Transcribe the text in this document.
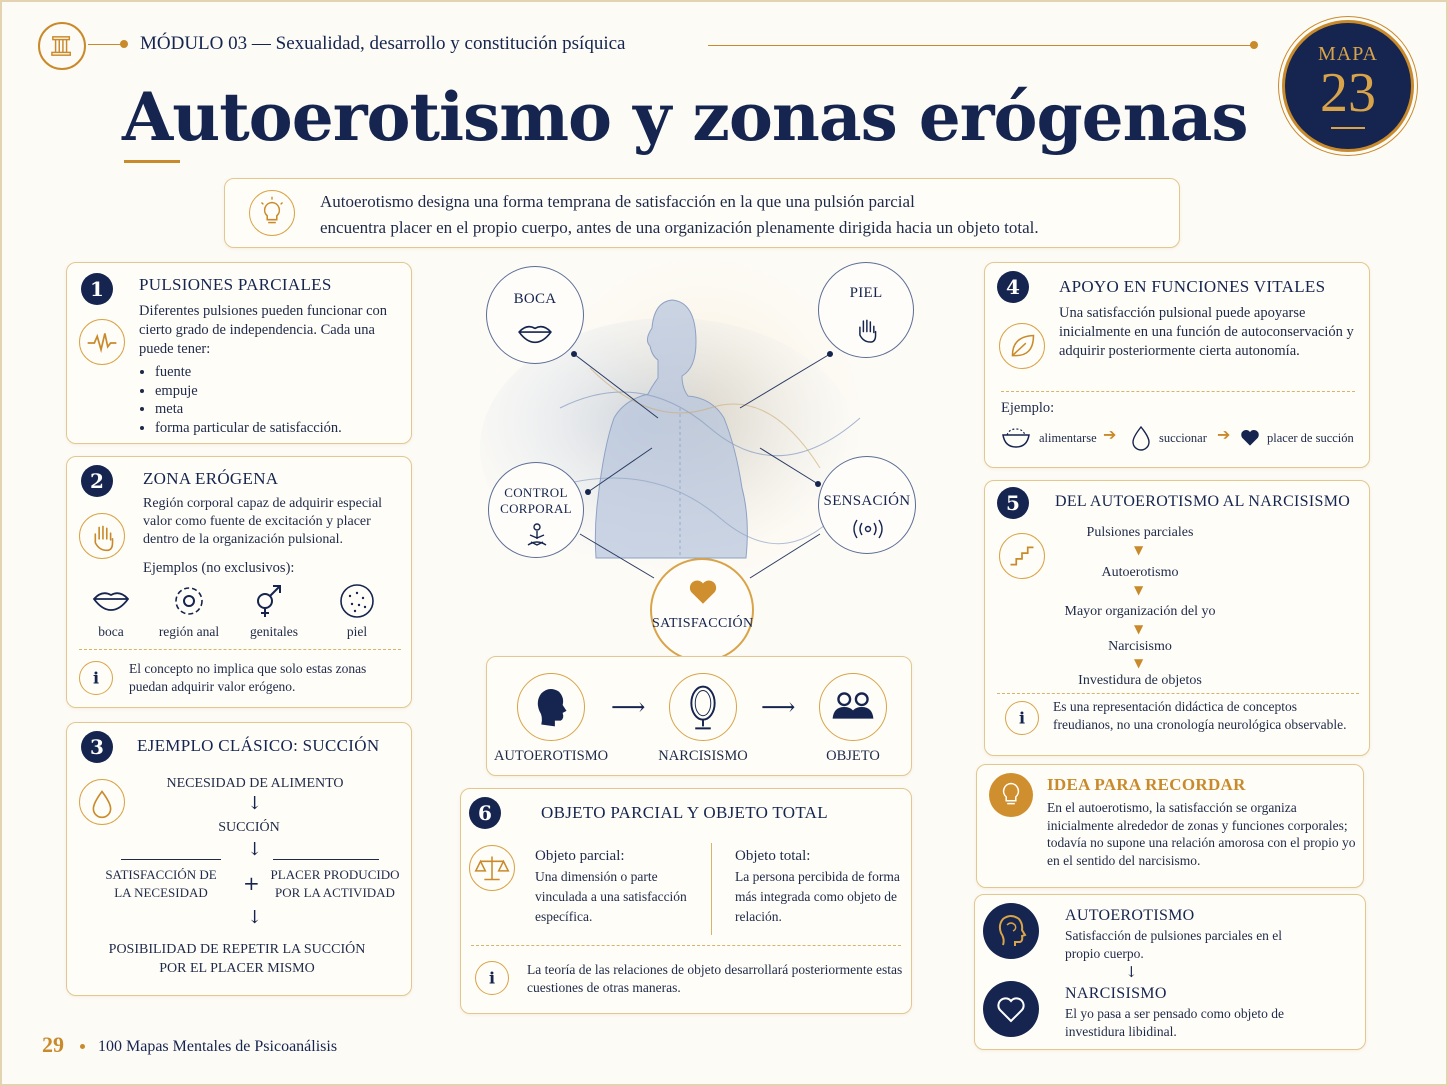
MÓDULO 03 — Sexualidad, desarrollo y constitución psíquica
Autoerotismo y zonas erógenas
MAPA
23
Autoerotismo designa una forma temprana de satisfacción en la que una pulsión parcial
encuentra placer en el propio cuerpo, antes de una organización plenamente dirigida hacia un objeto total.
1	PULSIONES PARCIALES
Diferentes pulsiones pueden funcionar con cierto grado de independencia. Cada una puede tener:
• fuente
• empuje
• meta
• forma particular de satisfacción.
2	ZONA ERÓGENA
Región corporal capaz de adquirir especial valor como fuente de excitación y placer dentro de la organización pulsional.
Ejemplos (no exclusivos):
boca	región anal	genitales	piel
i
El concepto no implica que solo estas zonas puedan adquirir valor erógeno.
3	EJEMPLO CLÁSICO: SUCCIÓN
NECESIDAD DE ALIMENTO
↓
SUCCIÓN
↓
SATISFACCIÓN DE
LA NECESIDAD	+ PLACER PRODUCIDO
POR LA ACTIVIDAD
↓
POSIBILIDAD DE REPETIR LA SUCCIÓN
POR EL PLACER MISMO
BOCA	PIEL
CONTROL
CORPORAL	SENSACIÓN
SATISFACCIÓN
⟶	⟶
AUTOEROTISMO	NARCISISMO	OBJETO
6	OBJETO PARCIAL Y OBJETO TOTAL
Objeto parcial:
Una dimensión o parte vinculada a una satisfacción específica.
Objeto total:
La persona percibida de forma más integrada como objeto de relación.
i La teoría de las relaciones de objeto desarrollará posteriormente estas cuestiones de otras maneras.
4	APOYO EN FUNCIONES VITALES
Una satisfacción pulsional puede apoyarse inicialmente en una función de autoconservación y adquirir posteriormente cierta autonomía.
Ejemplo:
alimentarse ➔	succionar ➔	placer de succión
5	DEL AUTOEROTISMO AL NARCISISMO
Pulsiones parciales
▼
Autoerotismo
▼
Mayor organización del yo
▼
Narcisismo
▼
Investidura de objetos
i
Es una representación didáctica de conceptos freudianos, no una cronología neurológica observable.
IDEA PARA RECORDAR
En el autoerotismo, la satisfacción se organiza inicialmente alrededor de zonas y funciones corporales; todavía no supone una relación amorosa con el propio yo en el sentido del narcisismo.
AUTOEROTISMO
Satisfacción de pulsiones parciales en el propio cuerpo.
↓
NARCISISMO
El yo pasa a ser pensado como objeto de investidura libidinal.
29 100 Mapas Mentales de Psicoanálisis
